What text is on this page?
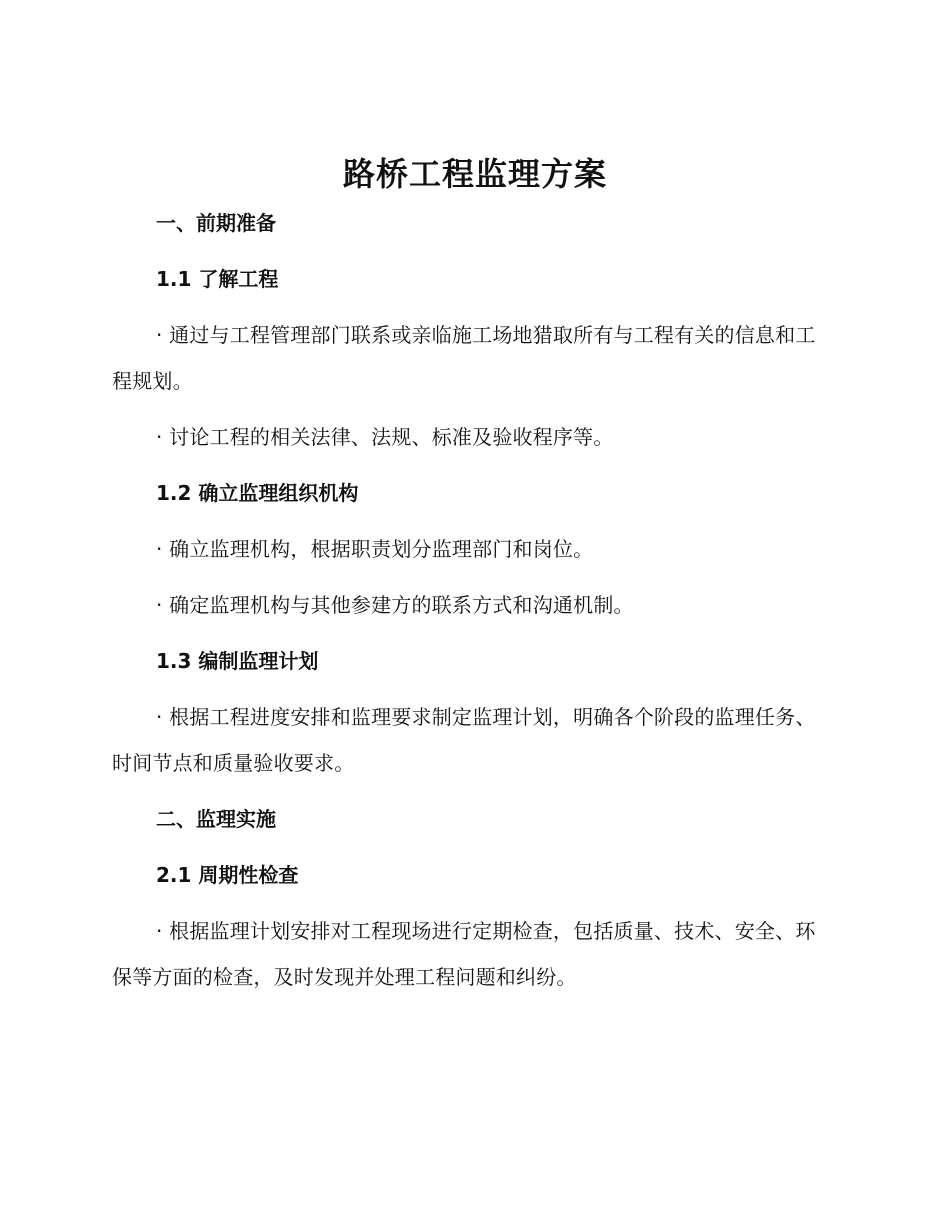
路桥工程监理方案
一、前期准备
1.1 了解工程

· 通过与工程管理部门联系或亲临施工场地猎取所有与工程有关的信息和工程规划。

· 讨论工程的相关法律、法规、标准及验收程序等。

1.2 确立监理组织机构

· 确立监理机构，根据职责划分监理部门和岗位。

· 确定监理机构与其他参建方的联系方式和沟通机制。

1.3 编制监理计划

· 根据工程进度安排和监理要求制定监理计划，明确各个阶段的监理任务、时间节点和质量验收要求。

二、监理实施
2.1 周期性检查

· 根据监理计划安排对工程现场进行定期检查，包括质量、技术、安全、环保等方面的检查，及时发现并处理工程问题和纠纷。
